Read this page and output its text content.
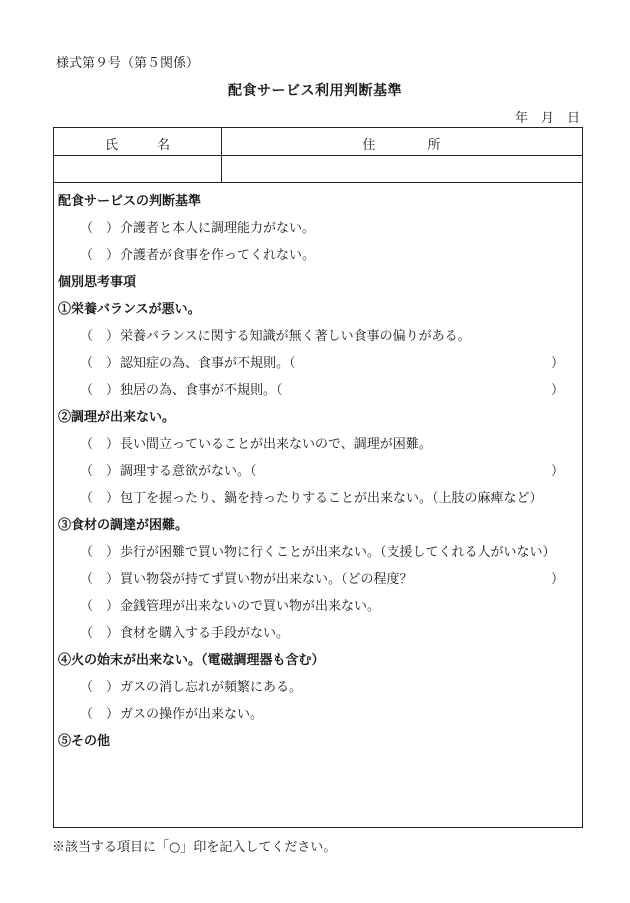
様式第９号（第５関係）
配食サービス利用判断基準
年　月　日
氏　　　名	住　　　　所
配食サービスの判断基準
（　）介護者と本人に調理能力がない。
（　）介護者が食事を作ってくれない。
個別思考事項
①栄養バランスが悪い。
（　）栄養バランスに関する知識が無く著しい食事の偏りがある。
（　）認知症の為、食事が不規則。（	）
（　）独居の為、食事が不規則。（	）
②調理が出来ない。
（　）長い間立っていることが出来ないので、調理が困難。
（　）調理する意欲がない。（	）
（　）包丁を握ったり、鍋を持ったりすることが出来ない。（上肢の麻痺など）
③食材の調達が困難。
（　）歩行が困難で買い物に行くことが出来ない。（支援してくれる人がいない）
（　）買い物袋が持てず買い物が出来ない。（どの程度？	）
（　）金銭管理が出来ないので買い物が出来ない。
（　）食材を購入する手段がない。
④火の始末が出来ない。（電磁調理器も含む）
（　）ガスの消し忘れが頻繁にある。
（　）ガスの操作が出来ない。
⑤その他
※該当する項目に「○」印を記入してください。
